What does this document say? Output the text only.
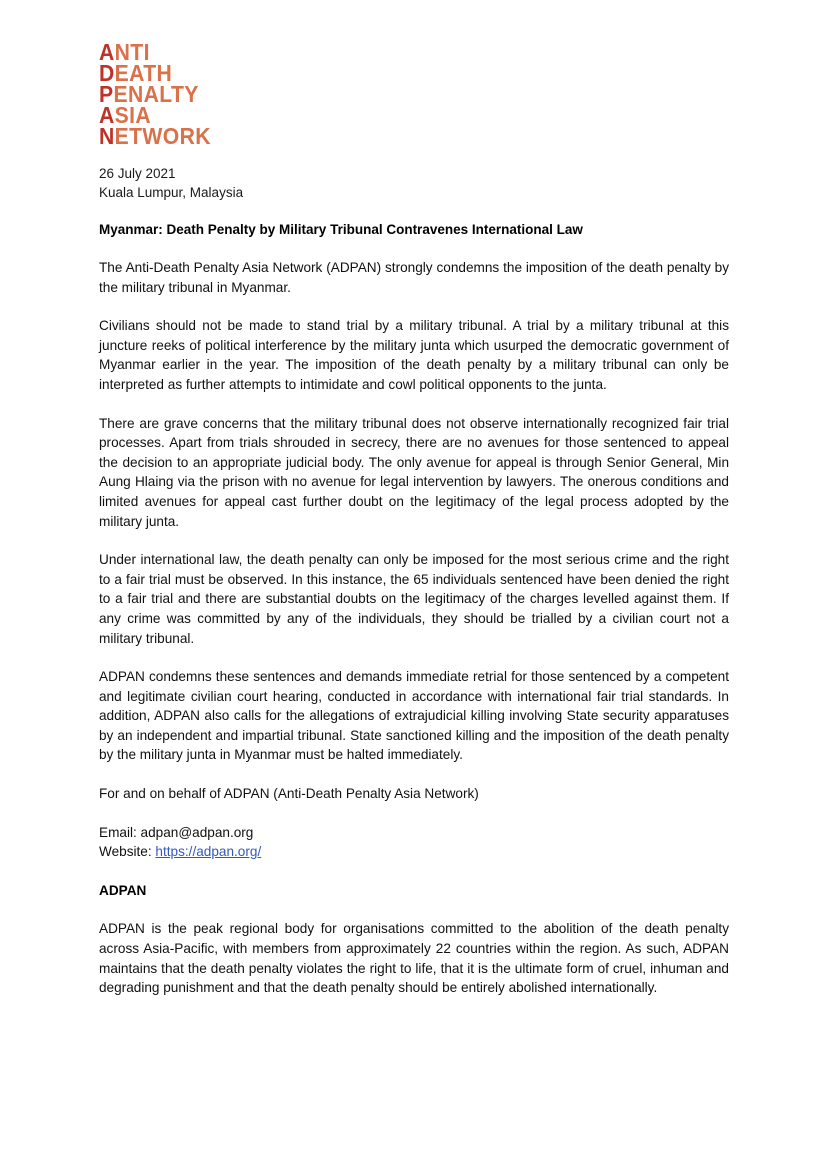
ANTI
DEATH
PENALTY
ASIA
NETWORK
26 July 2021
Kuala Lumpur, Malaysia
Myanmar: Death Penalty by Military Tribunal Contravenes International Law

The Anti-Death Penalty Asia Network (ADPAN) strongly condemns the imposition of the death penalty by the military tribunal in Myanmar.

Civilians should not be made to stand trial by a military tribunal. A trial by a military tribunal at this juncture reeks of political interference by the military junta which usurped the democratic government of Myanmar earlier in the year. The imposition of the death penalty by a military tribunal can only be interpreted as further attempts to intimidate and cowl political opponents to the junta.

There are grave concerns that the military tribunal does not observe internationally recognized fair trial processes. Apart from trials shrouded in secrecy, there are no avenues for those sentenced to appeal the decision to an appropriate judicial body. The only avenue for appeal is through Senior General, Min Aung Hlaing via the prison with no avenue for legal intervention by lawyers. The onerous conditions and limited avenues for appeal cast further doubt on the legitimacy of the legal process adopted by the military junta.

Under international law, the death penalty can only be imposed for the most serious crime and the right to a fair trial must be observed. In this instance, the 65 individuals sentenced have been denied the right to a fair trial and there are substantial doubts on the legitimacy of the charges levelled against them. If any crime was committed by any of the individuals, they should be trialled by a civilian court not a military tribunal.

ADPAN condemns these sentences and demands immediate retrial for those sentenced by a competent and legitimate civilian court hearing, conducted in accordance with international fair trial standards. In addition, ADPAN also calls for the allegations of extrajudicial killing involving State security apparatuses by an independent and impartial tribunal. State sanctioned killing and the imposition of the death penalty by the military junta in Myanmar must be halted immediately.

For and on behalf of ADPAN (Anti-Death Penalty Asia Network)

Email: adpan@adpan.org
Website: https://adpan.org/
ADPAN

ADPAN is the peak regional body for organisations committed to the abolition of the death penalty across Asia-Pacific, with members from approximately 22 countries within the region. As such, ADPAN maintains that the death penalty violates the right to life, that it is the ultimate form of cruel, inhuman and degrading punishment and that the death penalty should be entirely abolished internationally.
